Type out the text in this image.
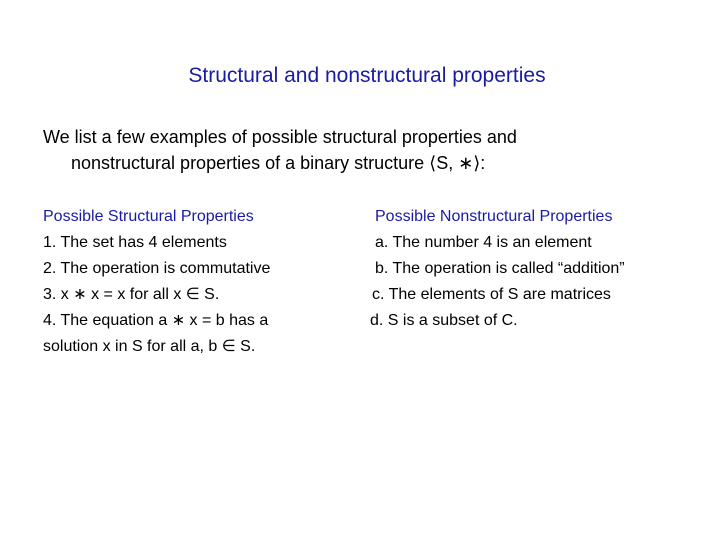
Structural and nonstructural properties
We list a few examples of possible structural properties and
nonstructural properties of a binary structure ⟨S, ∗⟩:
Possible Structural Properties
1. The set has 4 elements
2. The operation is commutative
3. x ∗ x = x for all x ∈ S.
4. The equation a ∗ x = b has a
solution x in S for all a, b ∈ S.
Possible Nonstructural Properties
a. The number 4 is an element
b. The operation is called “addition”
c. The elements of S are matrices
d. S is a subset of C.
